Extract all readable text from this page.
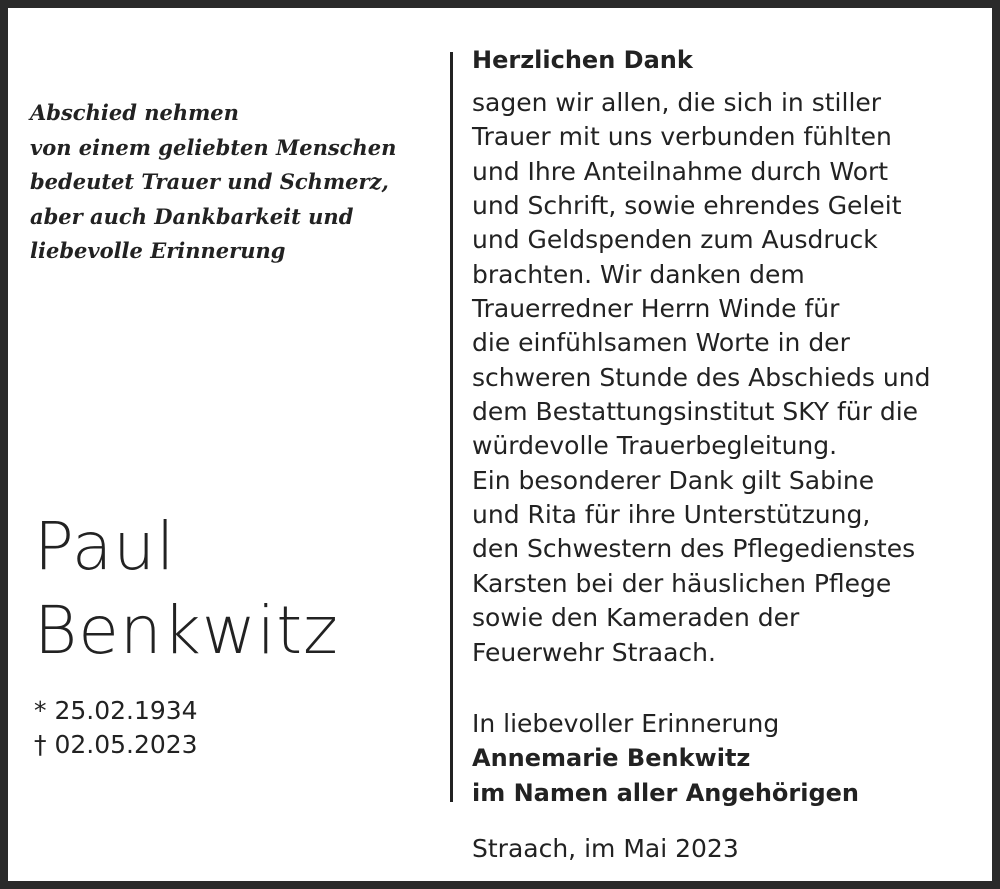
Abschied nehmen
von einem geliebten Menschen
bedeutet Trauer und Schmerz,
aber auch Dankbarkeit und
liebevolle Erinnerung
Paul
Benkwitz
* 25.02.1934
† 02.05.2023
Herzlichen Dank
sagen wir allen, die sich in stiller
Trauer mit uns verbunden fühlten
und Ihre Anteilnahme durch Wort
und Schrift, sowie ehrendes Geleit
und Geldspenden zum Ausdruck
brachten. Wir danken dem
Trauerredner Herrn Winde für
die einfühlsamen Worte in der
schweren Stunde des Abschieds und
dem Bestattungsinstitut SKY für die
würdevolle Trauerbegleitung.
Ein besonderer Dank gilt Sabine
und Rita für ihre Unterstützung,
den Schwestern des Pflegedienstes
Karsten bei der häuslichen Pflege
sowie den Kameraden der
Feuerwehr Straach.
In liebevoller Erinnerung
Annemarie Benkwitz
im Namen aller Angehörigen
Straach, im Mai 2023
